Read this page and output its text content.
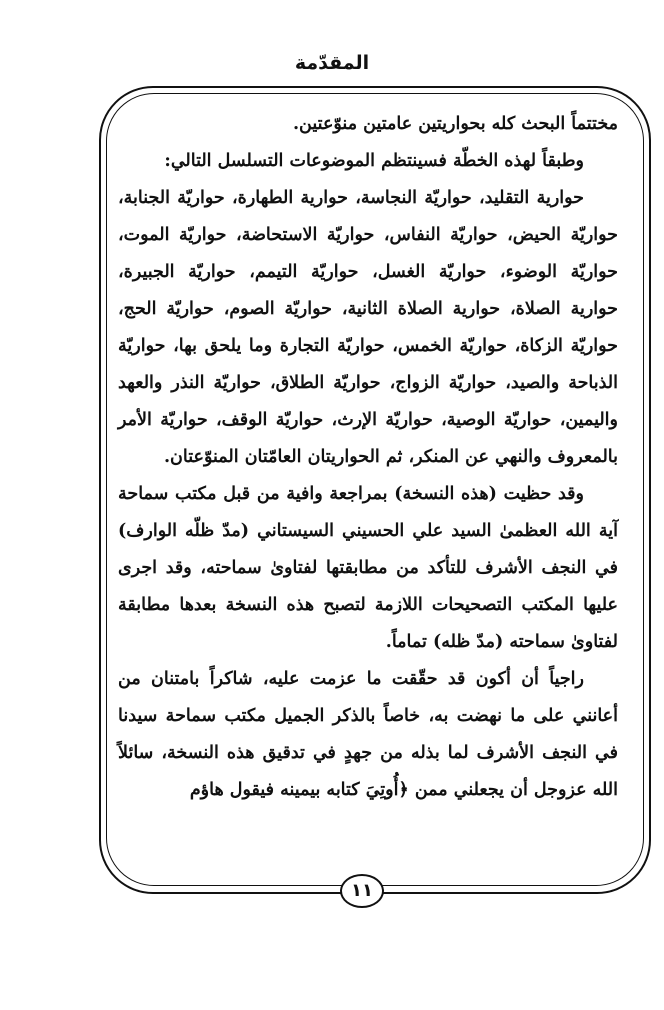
المقدّمة

مختتماً البحث كله بحواريتين عامتين منوّعتين.

وطبقاً لهذه الخطّة فسينتظم الموضوعات التسلسل التالي:

حوارية التقليد، حواريّة النجاسة، حوارية الطهارة، حواريّة الجنابة، حواريّة الحيض، حواريّة النفاس، حواريّة الاستحاضة، حواريّة الموت، حواريّة الوضوء، حواريّة الغسل، حواريّة التيمم، حواريّة الجبيرة، حوارية الصلاة، حوارية الصلاة الثانية، حواريّة الصوم، حواريّة الحج، حواريّة الزكاة، حواريّة الخمس، حواريّة التجارة وما يلحق بها، حواريّة الذباحة والصيد، حواريّة الزواج، حواريّة الطلاق، حواريّة النذر والعهد واليمين، حواريّة الوصية، حواريّة الإرث، حواريّة الوقف، حواريّة الأمر بالمعروف والنهي عن المنكر، ثم الحواريتان العامّتان المنوّعتان.

وقد حظيت (هذه النسخة) بمراجعة وافية من قبل مكتب سماحة آية الله العظمىٰ السيد علي الحسيني السيستاني (مدّ ظلّه الوارف) في النجف الأشرف للتأكد من مطابقتها لفتاوىٰ سماحته، وقد اجرى عليها المكتب التصحيحات اللازمة لتصبح هذه النسخة بعدها مطابقة لفتاوىٰ سماحته (مدّ ظله) تماماً.

راجياً أن أكون قد حقّقت ما عزمت عليه، شاكراً بامتنان من أعانني على ما نهضت به، خاصاً بالذكر الجميل مكتب سماحة سيدنا في النجف الأشرف لما بذله من جهدٍ في تدقيق هذه النسخة، سائلاً الله عزوجل أن يجعلني ممن ﴿أُوتِيَ كتابه بيمينه فيقول هاؤم

١١
